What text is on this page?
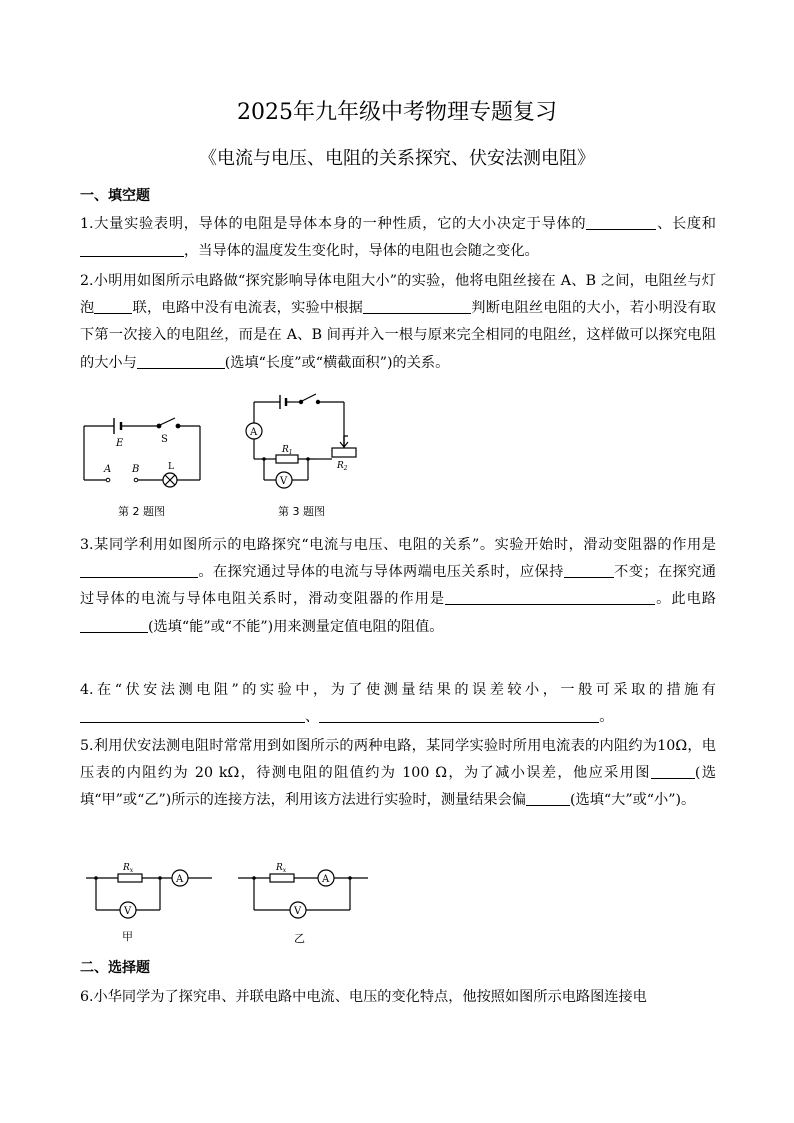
2025年九年级中考物理专题复习
《电流与电压、电阻的关系探究、伏安法测电阻》
一、填空题
1.大量实验表明，导体的电阻是导体本身的一种性质，它的大小决定于导体的	、长度和，当导体的温度发生变化时，导体的电阻也会随之变化。
2.小明用如图所示电路做“探究影响导体电阻大小”的实验，他将电阻丝接在 A、B 之间，电阻丝与灯泡	联，电路中没有电流表，实验中根据	判断电阻丝电阻的大小，若小明没有取下第一次接入的电阻丝，而是在 A、B 间再并入一根与原来完全相同的电阻丝，这样做可以探究电阻的大小与	(选填“长度”或“横截面积”)的关系。
E	S
A B	L
第 2 题图
A
V
$R_1$
$R_2$
第 3 题图
3.某同学利用如图所示的电路探究“电流与电压、电阻的关系”。实验开始时，滑动变阻器的作用是。在探究通过导体的电流与导体两端电压关系时，应保持	不变；在探究通过导体的电流与导体电阻关系时，滑动变阻器的作用是	。此电路(选填“能”或“不能”)用来测量定值电阻的阻值。
4.在“伏安法测电阻”的实验中，为了使测量结果的误差较小，一般可采取的措施有、	。
5.利用伏安法测电阻时常常用到如图所示的两种电路，某同学实验时所用电流表的内阻约为10Ω，电压表的内阻约为 20 kΩ，待测电阻的阻值约为 100 Ω，为了减小误差，他应采用图	(选填“甲”或“乙”)所示的连接方法，利用该方法进行实验时，测量结果会偏	(选填“大”或“小”)。
$R_x$
A
V
甲
$R_x$
A
V
乙
二、选择题
6.小华同学为了探究串、并联电路中电流、电压的变化特点，他按照如图所示电路图连接电
